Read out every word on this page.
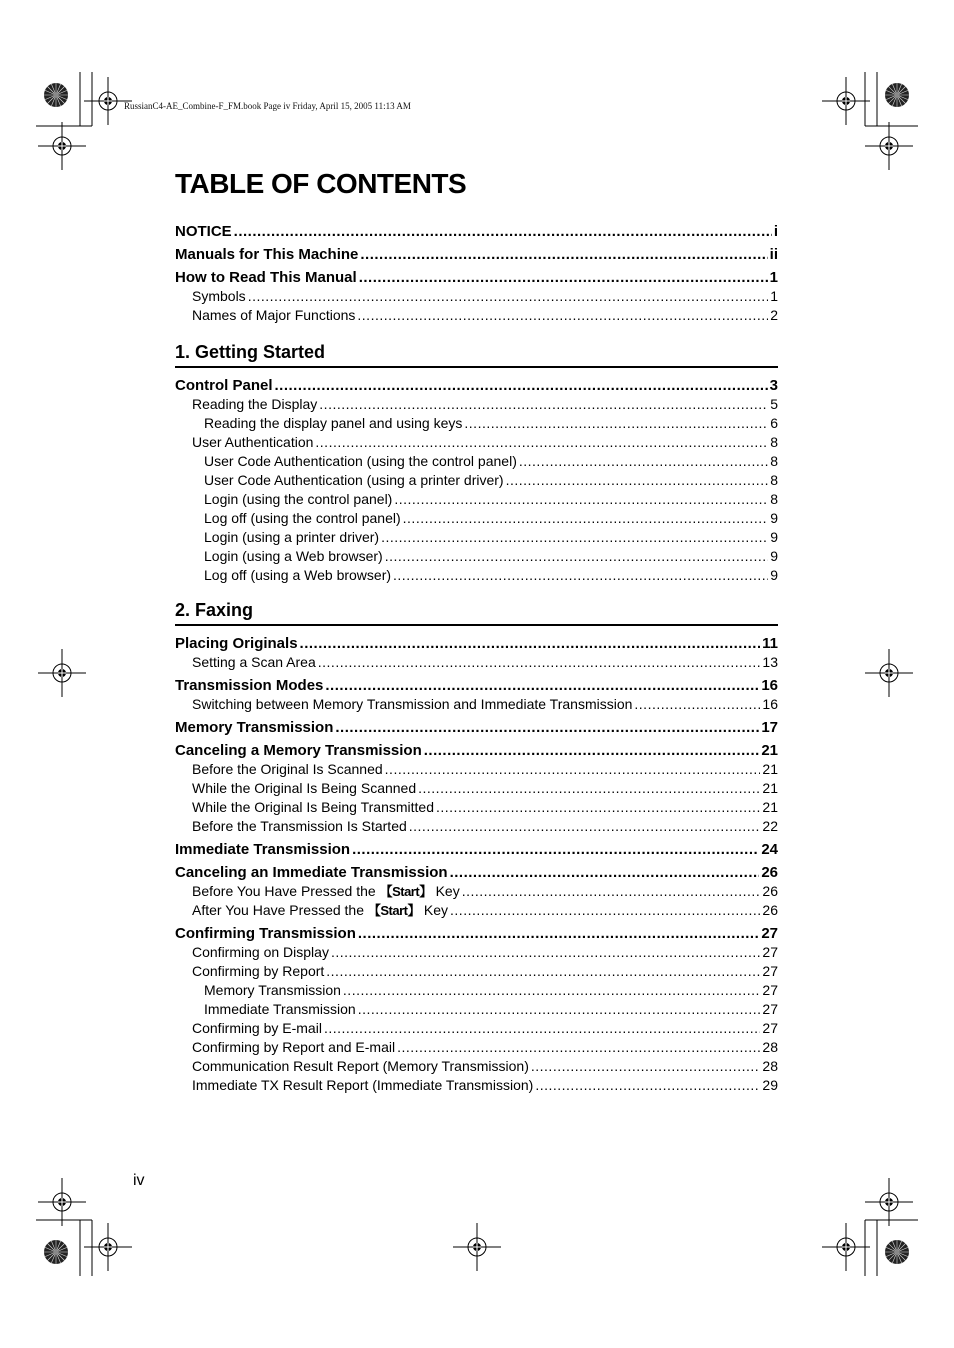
RussianC4-AE_Combine-F_FM.book Page iv Friday, April 15, 2005 11:13 AM
TABLE OF CONTENTS
NOTICE .....	i
Manuals for This Machine .....	ii
How to Read This Manual .....	1
Symbols .....	1
Names of Major Functions .....	2
1. Getting Started
Control Panel .....	3
Reading the Display .....	5
Reading the display panel and using keys .....	6
User Authentication .....	8
User Code Authentication (using the control panel) .....	8
User Code Authentication (using a printer driver) .....	8
Login (using the control panel) .....	8
Log off (using the control panel) .....	9
Login (using a printer driver) .....	9
Login (using a Web browser) .....	9
Log off (using a Web browser) .....	9
2. Faxing
Placing Originals .....	11
Setting a Scan Area .....	13
Transmission Modes .....	16
Switching between Memory Transmission and Immediate Transmission .....	16
Memory Transmission .....	17
Canceling a Memory Transmission .....	21
Before the Original Is Scanned .....	21
While the Original Is Being Scanned .....	21
While the Original Is Being Transmitted .....	21
Before the Transmission Is Started .....	22
Immediate Transmission .....	24
Canceling an Immediate Transmission .....	26
Before You Have Pressed the 【Start】 Key .....	26
After You Have Pressed the 【Start】 Key .....	26
Confirming Transmission .....	27
Confirming on Display .....	27
Confirming by Report .....	27
Memory Transmission .....	27
Immediate Transmission .....	27
Confirming by E-mail .....	27
Confirming by Report and E-mail .....	28
Communication Result Report (Memory Transmission) .....	28
Immediate TX Result Report (Immediate Transmission) .....	29
iv
